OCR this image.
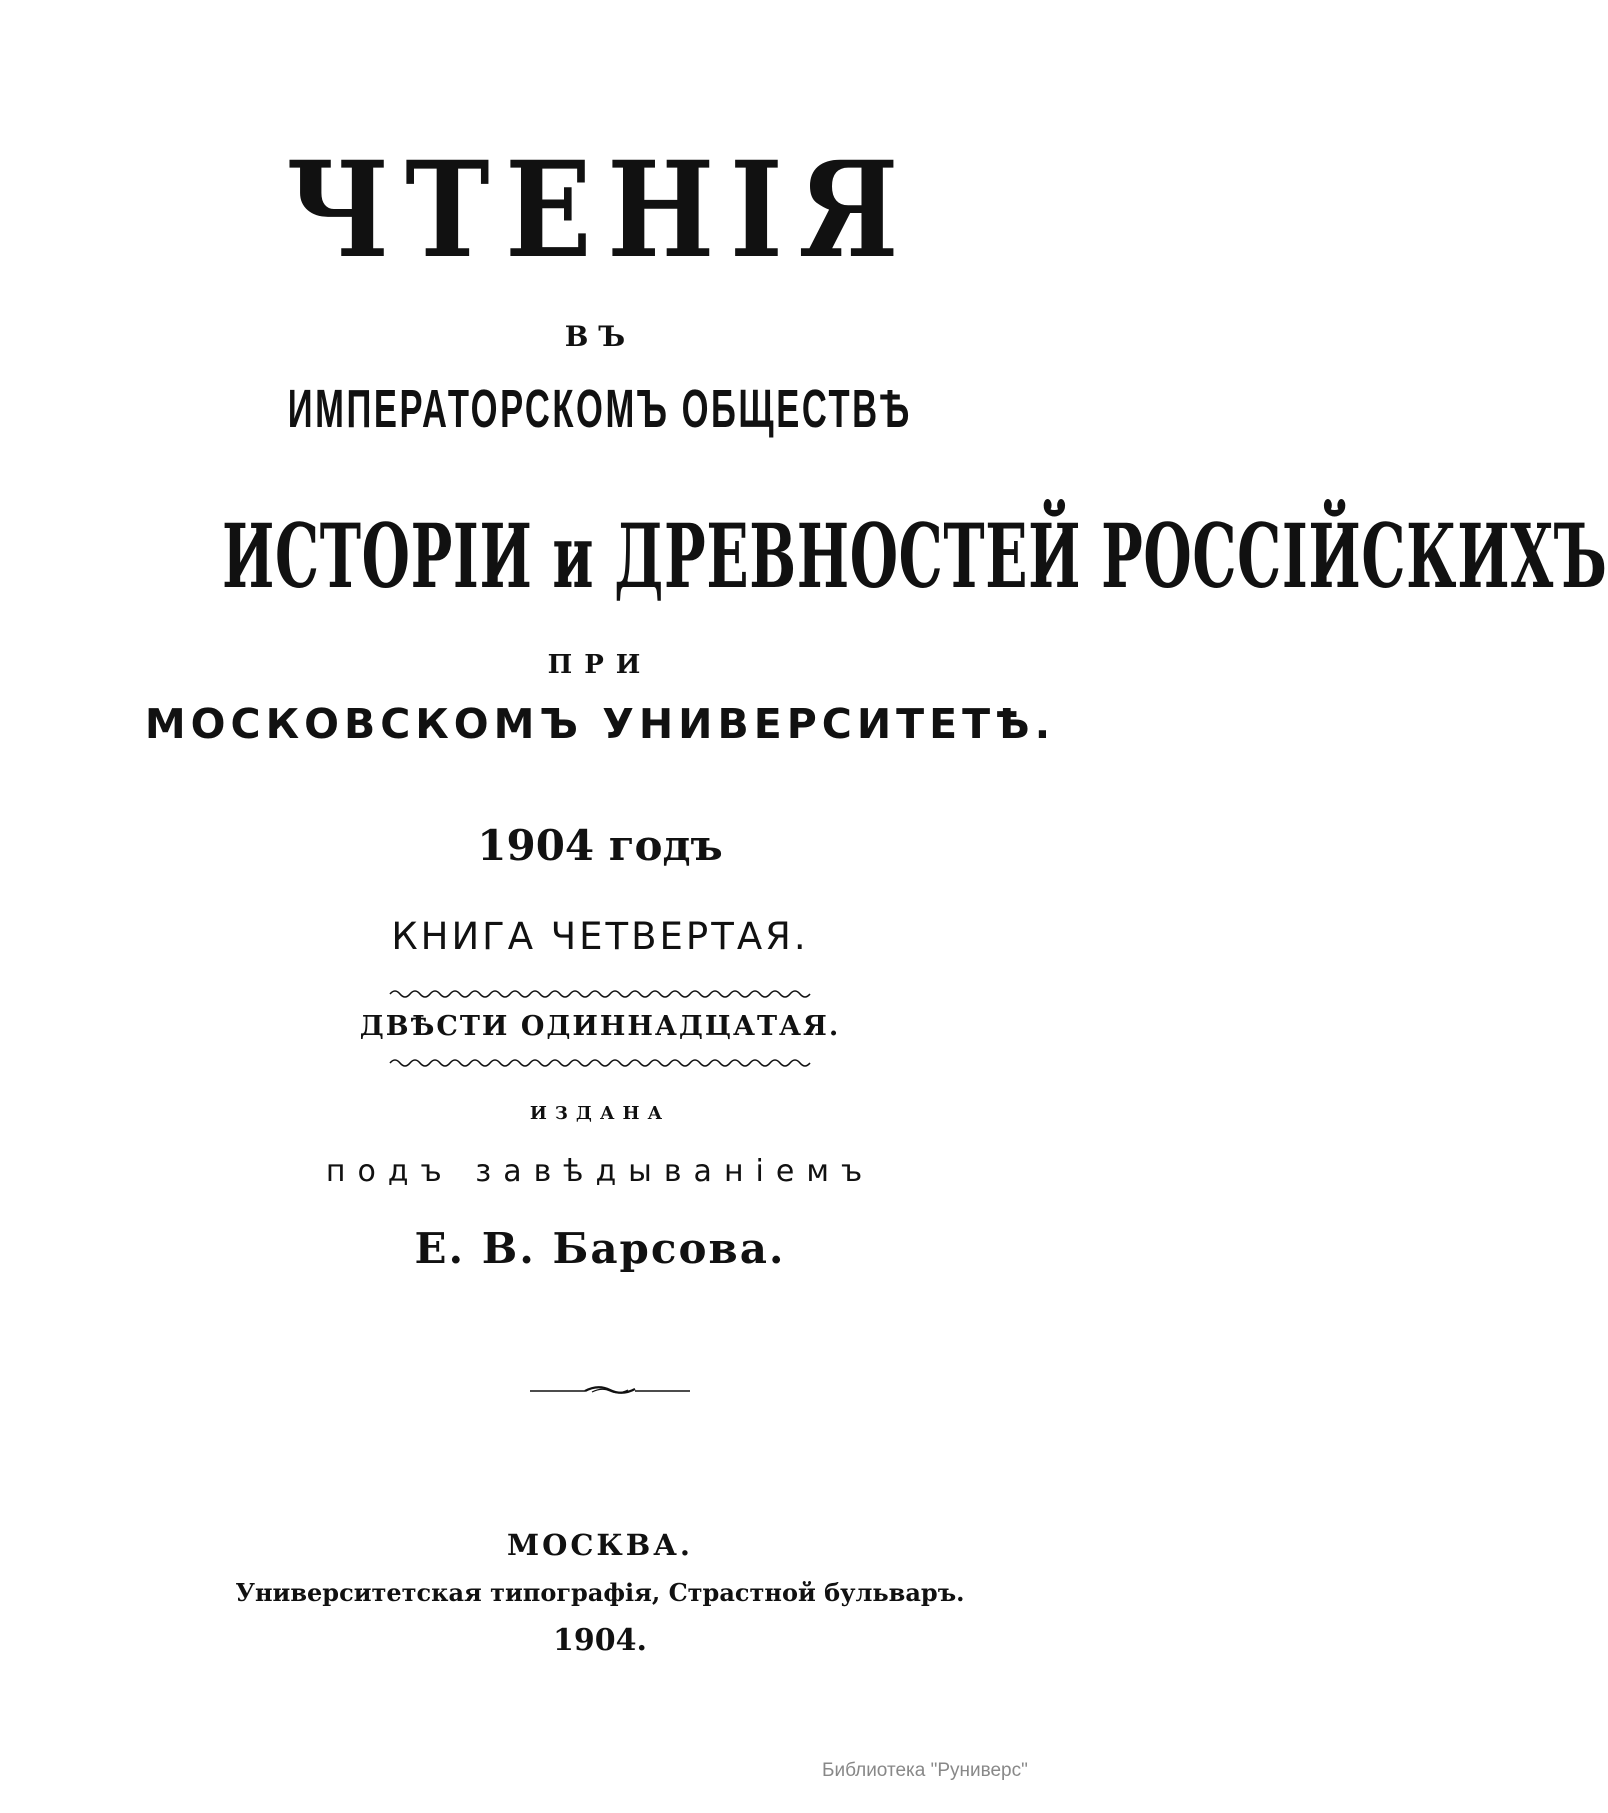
ЧТЕНІЯ
ВЪ
ИМПЕРАТОРСКОМЪ ОБЩЕСТВѢ
ИСТОРІИ и ДРЕВНОСТЕЙ РОССІЙСКИХЪ
ПРИ
МОСКОВСКОМЪ УНИВЕРСИТЕТѢ.
1904 годъ
КНИГА ЧЕТВЕРТАЯ.
ДВѢСТИ ОДИННАДЦАТАЯ.
ИЗДАНА
подъ завѣдываніемъ
Е. В. Барсова.
МОСКВА.
Университетская типографія, Страстной бульваръ.
1904.
Библиотека "Руниверс"
